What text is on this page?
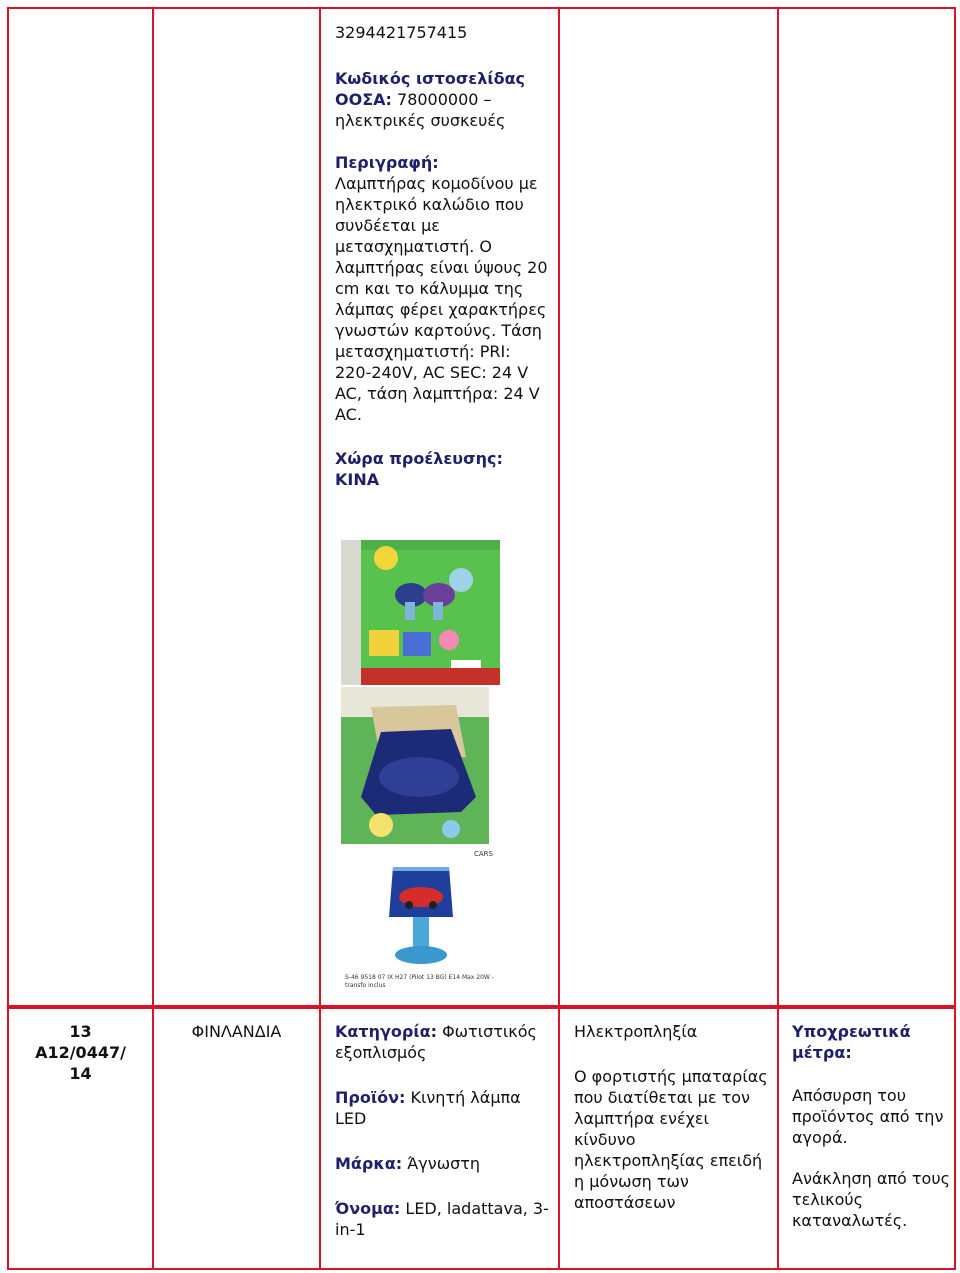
3294421757415

Κωδικός ιστοσελίδας ΟΟΣΑ: 78000000 – ηλεκτρικές συσκευές

Περιγραφή:

Λαμπτήρας κομοδίνου με ηλεκτρικό καλώδιο που συνδέεται με μετασχηματιστή. Ο λαμπτήρας είναι ύψους 20 cm και το κάλυμμα της λάμπας φέρει χαρακτήρες γνωστών καρτούνς. Τάση μετασχηματιστή: PRI: 220-240V, AC SEC: 24 V AC, τάση λαμπτήρα: 24 V AC.

Χώρα προέλευσης:

ΚΙΝΑ

CARS
S-46 9518 07 IX H27 (Pilot 13 BG) E14 Max 20W - transfo inclus

13

A12/0447/

14

ΦΙΝΛΑΝΔΙΑ	Κατηγορία: Φωτιστικός εξοπλισμός

Προϊόν: Κινητή λάμπα LED

Μάρκα: Άγνωστη

Όνομα: LED, ladattava, 3-in-1

Ηλεκτροπληξία

Ο φορτιστής μπαταρίας που διατίθεται με τον λαμπτήρα ενέχει κίνδυνο ηλεκτροπληξίας επειδή η μόνωση των αποστάσεων

Υποχρεωτικά μέτρα:

Απόσυρση του προϊόντος από την αγορά.

Ανάκληση από τους τελικούς καταναλωτές.
